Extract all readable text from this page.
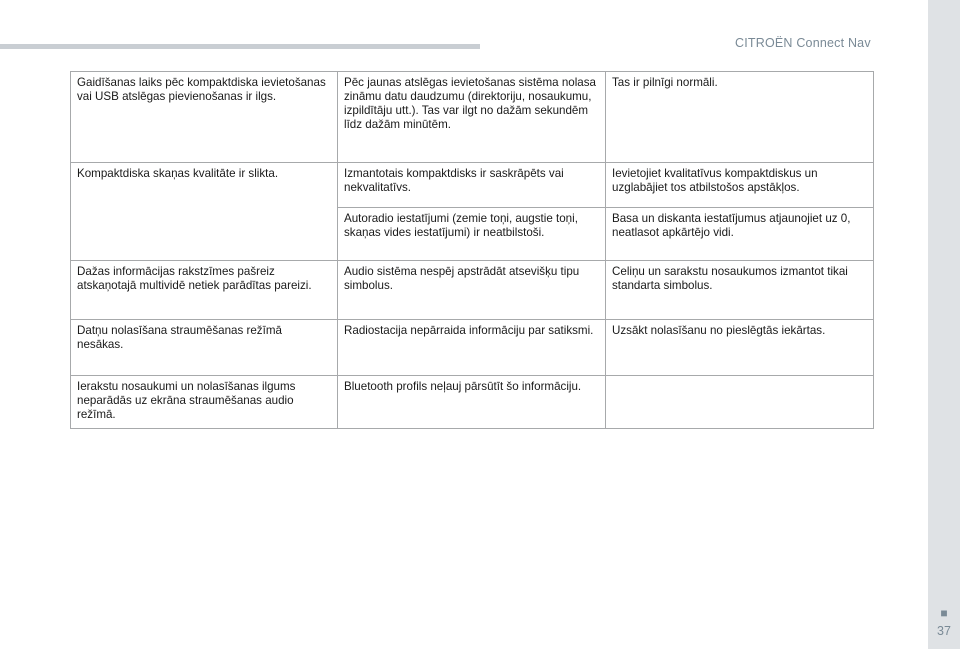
CITROËN Connect Nav
■
37
Gaidīšanas laiks pēc kompaktdiska ievietošanas vai USB atslēgas pievienošanas ir ilgs.	Pēc jaunas atslēgas ievietošanas sistēma nolasa zināmu datu daudzumu (direktoriju, nosaukumu, izpildītāju utt.). Tas var ilgt no dažām sekundēm līdz dažām minūtēm.	Tas ir pilnīgi normāli.
Kompaktdiska skaņas kvalitāte ir slikta.	Izmantotais kompaktdisks ir saskrāpēts vai nekvalitatīvs.	Ievietojiet kvalitatīvus kompaktdiskus un uzglabājiet tos atbilstošos apstākļos.
	Autoradio iestatījumi (zemie toņi, augstie toņi, skaņas vides iestatījumi) ir neatbilstoši.	Basa un diskanta iestatījumus atjaunojiet uz 0, neatlasot apkārtējo vidi.
Dažas informācijas rakstzīmes pašreiz atskaņotajā multividē netiek parādītas pareizi.	Audio sistēma nespēj apstrādāt atsevišķu tipu simbolus.	Celiņu un sarakstu nosaukumos izmantot tikai standarta simbolus.
Datņu nolasīšana straumēšanas režīmā nesākas.	Radiostacija nepārraida informāciju par satiksmi.	Uzsākt nolasīšanu no pieslēgtās iekārtas.
Ierakstu nosaukumi un nolasīšanas ilgums neparādās uz ekrāna straumēšanas audio režīmā.	Bluetooth profils neļauj pārsūtīt šo informāciju.	
